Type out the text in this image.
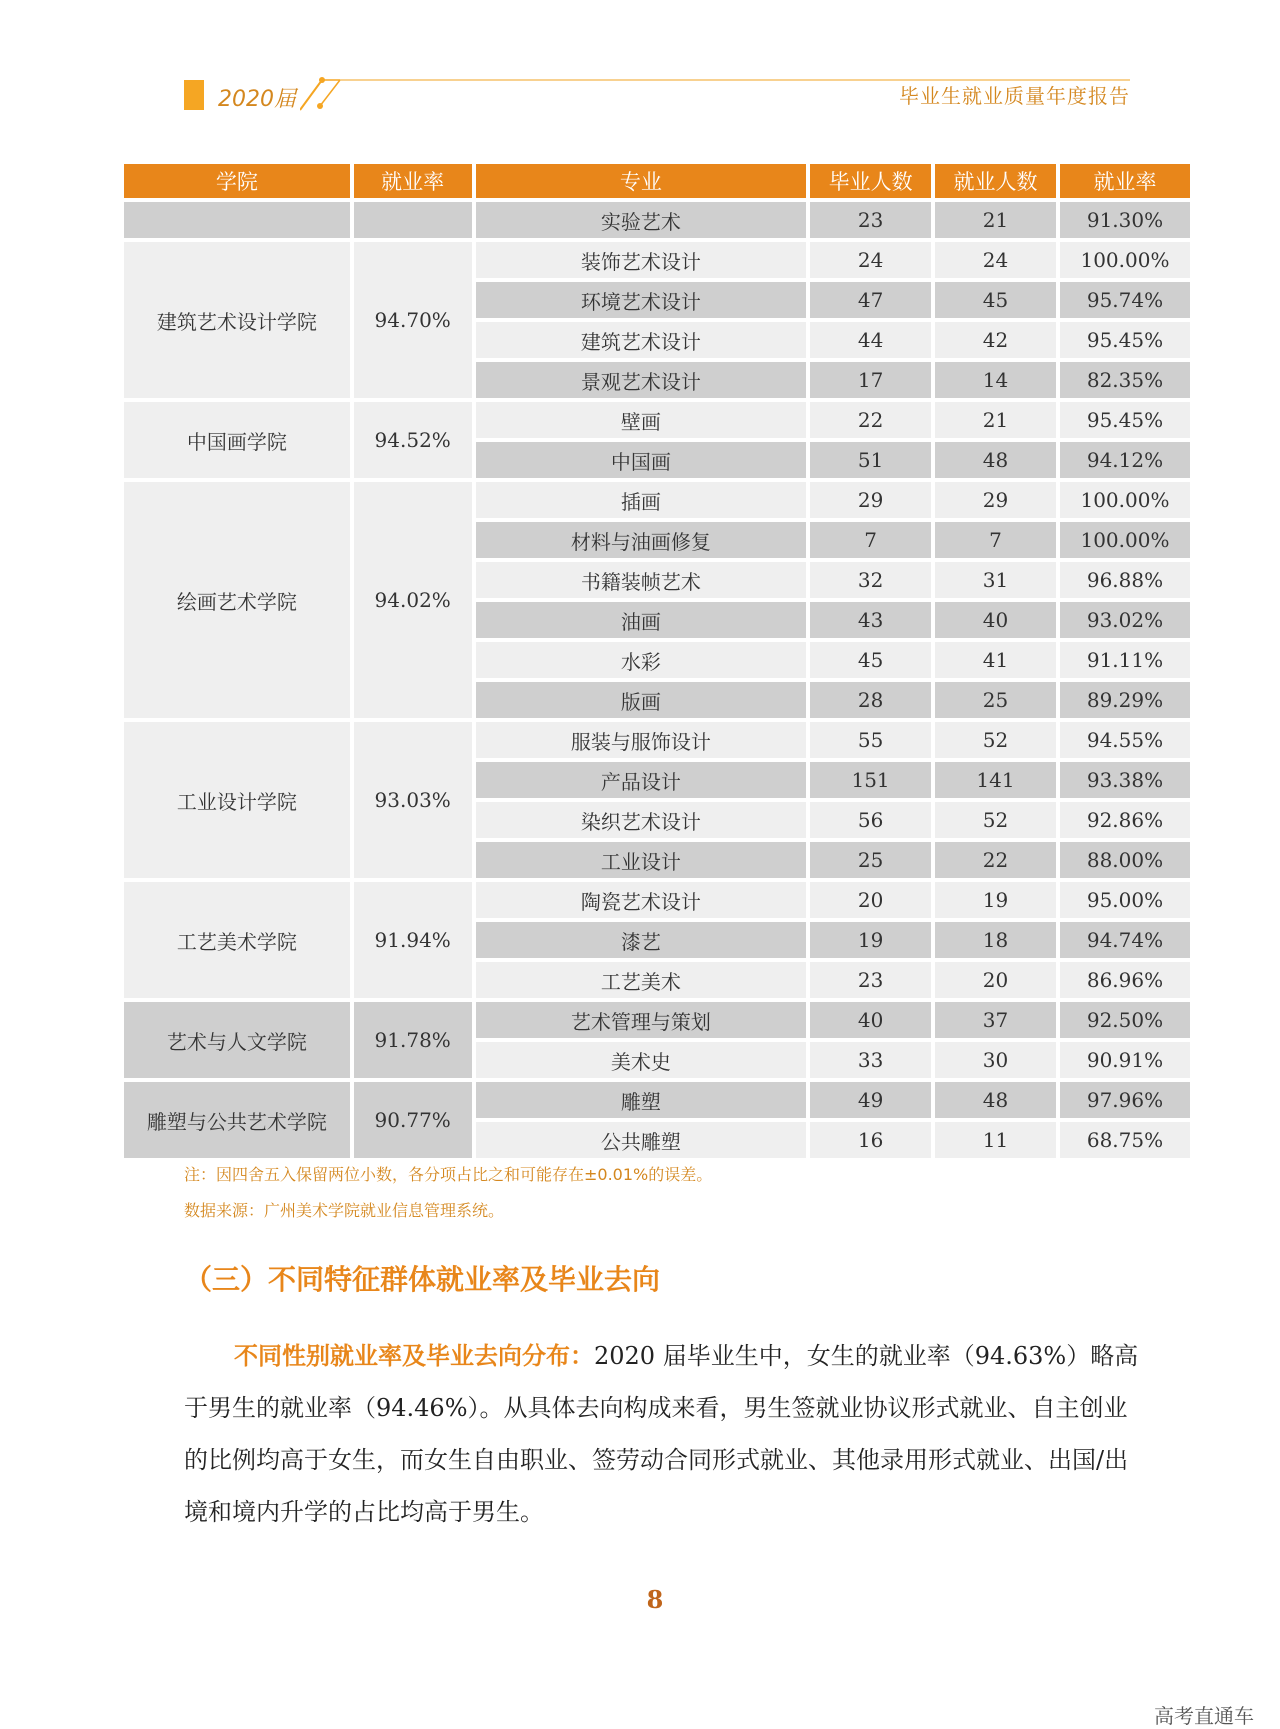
2020届	毕业生就业质量年度报告
学院	就业率	专业	毕业人数	就业人数	就业率
		实验艺术	23	21	91.30%
建筑艺术设计学院	94.70%	装饰艺术设计	24	24	100.00%
		环境艺术设计	47	45	95.74%
		建筑艺术设计	44	42	95.45%
		景观艺术设计	17	14	82.35%
中国画学院	94.52%	壁画	22	21	95.45%
		中国画	51	48	94.12%
绘画艺术学院	94.02%	插画	29	29	100.00%
		材料与油画修复	7	7	100.00%
		书籍装帧艺术	32	31	96.88%
		油画	43	40	93.02%
		水彩	45	41	91.11%
		版画	28	25	89.29%
工业设计学院	93.03%	服装与服饰设计	55	52	94.55%
		产品设计	151	141	93.38%
		染织艺术设计	56	52	92.86%
		工业设计	25	22	88.00%
工艺美术学院	91.94%	陶瓷艺术设计	20	19	95.00%
		漆艺	19	18	94.74%
		工艺美术	23	20	86.96%
艺术与人文学院	91.78%	艺术管理与策划	40	37	92.50%
		美术史	33	30	90.91%
雕塑与公共艺术学院	90.77%	雕塑	49	48	97.96%
		公共雕塑	16	11	68.75%
注：因四舍五入保留两位小数，各分项占比之和可能存在±0.01%的误差。
数据来源：广州美术学院就业信息管理系统。
（三）不同特征群体就业率及毕业去向
不同性别就业率及毕业去向分布：2020 届毕业生中，女生的就业率（94.63%）略高于男生的就业率（94.46%）。从具体去向构成来看，男生签就业协议形式就业、自主创业的比例均高于女生，而女生自由职业、签劳动合同形式就业、其他录用形式就业、出国/出境和境内升学的占比均高于男生。
8
高考直通车
